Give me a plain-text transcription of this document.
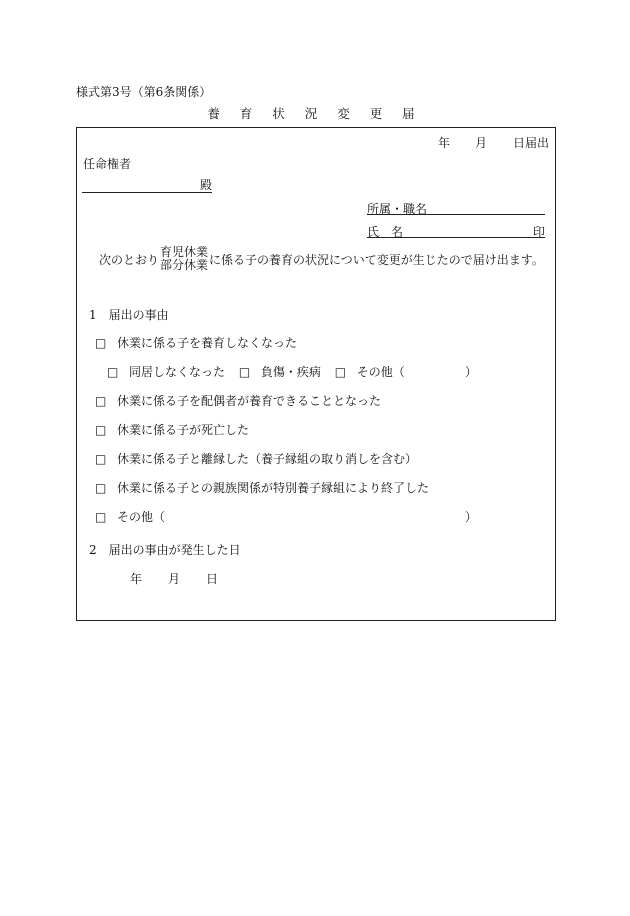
様式第3号（第6条関係）
養 育 状 況 変 更 届
年 月 日届出
任命権者
殿
所属・職名
氏　名	印
次のとおり
育児休業
部分休業 に係る子の養育の状況について変更が生じたので届け出ます。
1　届出の事由
□ 休業に係る子を養育しなくなった
□ 同居しなくなった □ 負傷・疾病 □ その他（	）
□ 休業に係る子を配偶者が養育できることとなった
□ 休業に係る子が死亡した
□ 休業に係る子と離縁した（養子縁組の取り消しを含む）
□ 休業に係る子との親族関係が特別養子縁組により終了した
□ その他（	）
2　届出の事由が発生した日
年 月 日
